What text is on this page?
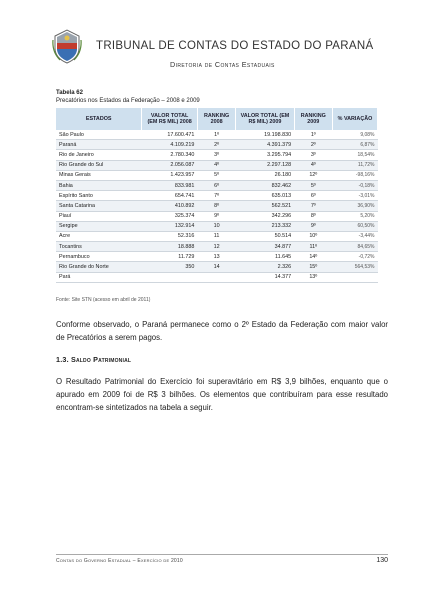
TRIBUNAL DE CONTAS DO ESTADO DO PARANÁ
Diretoria de Contas Estaduais
Tabela 62
Precatórios nos Estados da Federação – 2008 e 2009
ESTADOS	VALOR TOTAL (EM R$ MIL) 2008	RANKING 2008	VALOR TOTAL (EM R$ MIL) 2009	RANKING 2009	% VARIAÇÃO
São Paulo	17.600.471	1º	19.198.830	1º	9,08%
Paraná	4.109.219	2º	4.391.379	2º	6,87%
Rio de Janeiro	2.780.340	3º	3.295.794	3º	18,54%
Rio Grande do Sul	2.056.087	4º	2.297.128	4º	11,72%
Minas Gerais	1.423.957	5º	26.180	12º	-98,16%
Bahia	833.981	6º	832.462	5º	-0,18%
Espírito Santo	654.741	7º	635.013	6º	-3,01%
Santa Catarina	410.892	8º	562.521	7º	36,90%
Piauí	325.374	9º	342.296	8º	5,20%
Sergipe	132.914	10	213.332	9º	60,50%
Acre	52.316	11	50.514	10º	-3,44%
Tocantins	18.888	12	34.877	11º	84,65%
Pernambuco	11.729	13	11.645	14º	-0,72%
Rio Grande do Norte	350	14	2.326	15º	564,53%
Pará			14.377	13º	
Fonte: Site STN (acesso em abril de 2011)
Conforme observado, o Paraná permanece como o 2º Estado da Federação com maior valor de Precatórios a serem pagos.
1.3. Saldo Patrimonial
O Resultado Patrimonial do Exercício foi superavitário em R$ 3,9 bilhões, enquanto que o apurado em 2009 foi de R$ 3 bilhões. Os elementos que contribuíram para esse resultado encontram-se sintetizados na tabela a seguir.
Contas do Governo Estadual – Exercício de 2010	130
